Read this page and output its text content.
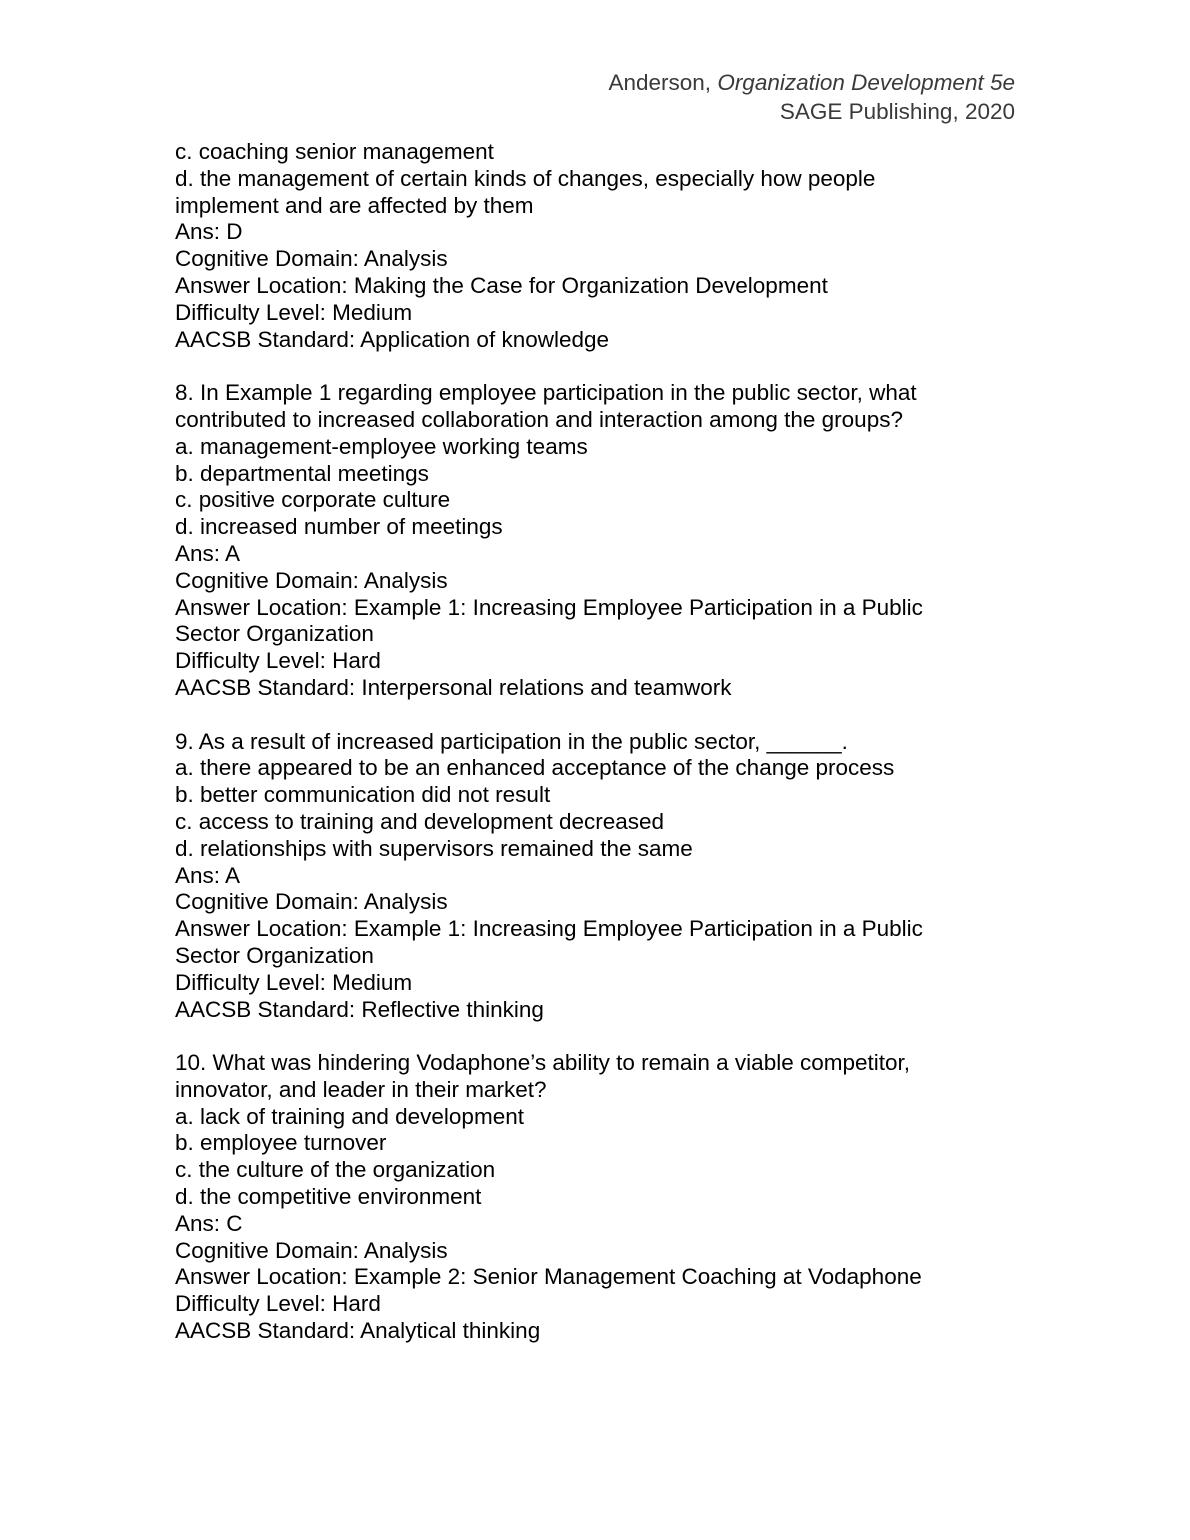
Anderson, Organization Development 5e
SAGE Publishing, 2020
c. coaching senior management
d. the management of certain kinds of changes, especially how people
implement and are affected by them
Ans: D
Cognitive Domain: Analysis
Answer Location: Making the Case for Organization Development
Difficulty Level: Medium
AACSB Standard: Application of knowledge
8. In Example 1 regarding employee participation in the public sector, what
contributed to increased collaboration and interaction among the groups?
a. management-employee working teams
b. departmental meetings
c. positive corporate culture
d. increased number of meetings
Ans: A
Cognitive Domain: Analysis
Answer Location: Example 1: Increasing Employee Participation in a Public
Sector Organization
Difficulty Level: Hard
AACSB Standard: Interpersonal relations and teamwork
9. As a result of increased participation in the public sector, ______.
a. there appeared to be an enhanced acceptance of the change process
b. better communication did not result
c. access to training and development decreased
d. relationships with supervisors remained the same
Ans: A
Cognitive Domain: Analysis
Answer Location: Example 1: Increasing Employee Participation in a Public
Sector Organization
Difficulty Level: Medium
AACSB Standard: Reflective thinking
10. What was hindering Vodaphone’s ability to remain a viable competitor,
innovator, and leader in their market?
a. lack of training and development
b. employee turnover
c. the culture of the organization
d. the competitive environment
Ans: C
Cognitive Domain: Analysis
Answer Location: Example 2: Senior Management Coaching at Vodaphone
Difficulty Level: Hard
AACSB Standard: Analytical thinking
